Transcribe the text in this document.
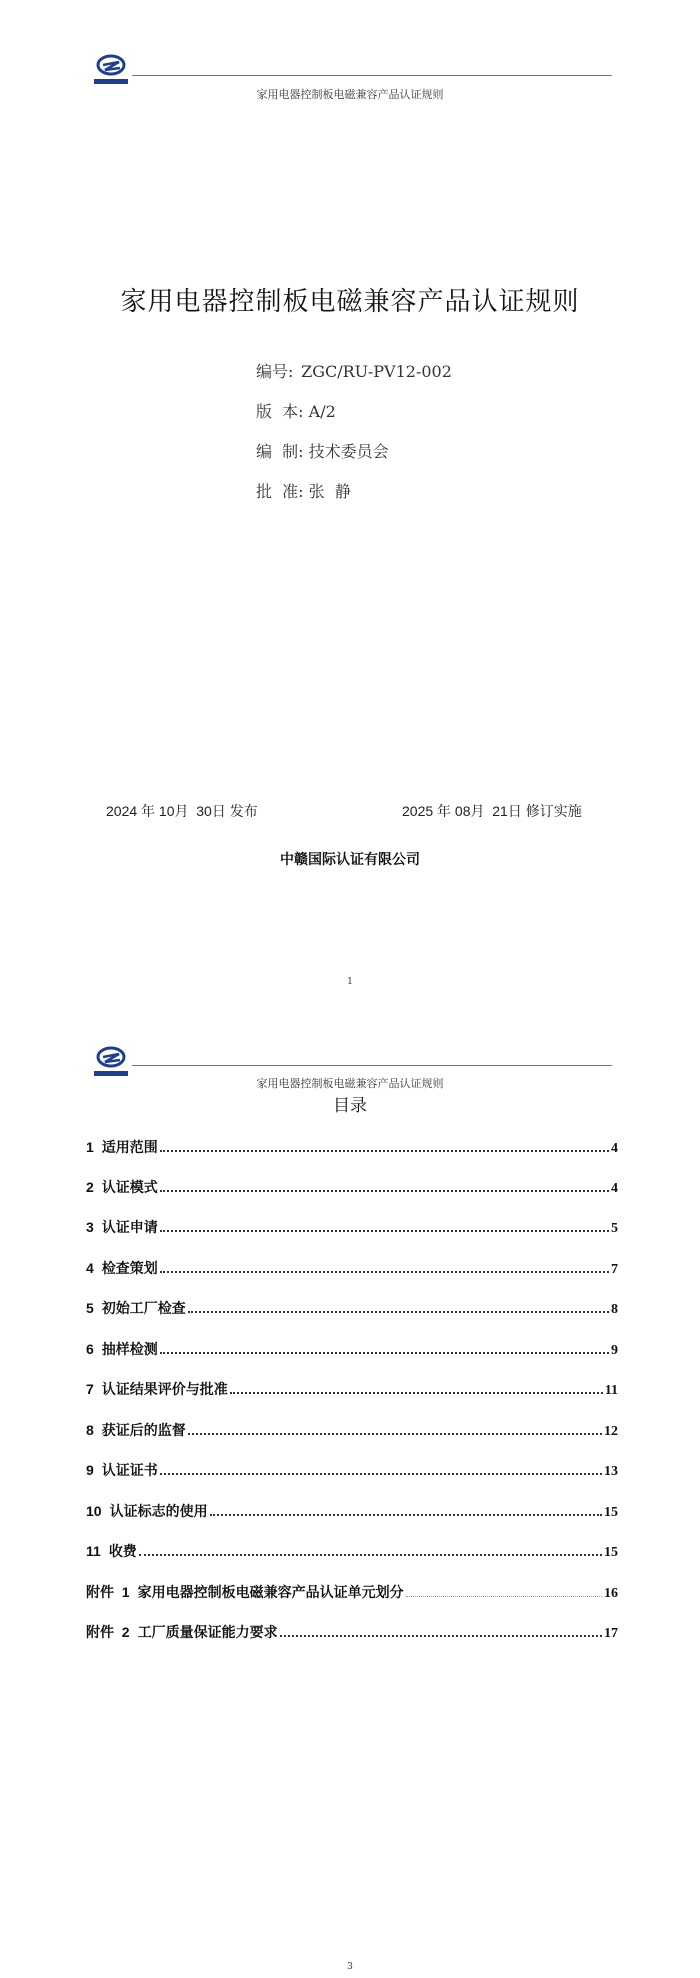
家用电器控制板电磁兼容产品认证规则
家用电器控制板电磁兼容产品认证规则
编号: ZGC/RU-PV12-002
版  本: A/2
编  制: 技术委员会
批  准: 张  静
2024 年 10月  30日 发布	2025 年 08月  21日 修订实施
中赣国际认证有限公司
1
家用电器控制板电磁兼容产品认证规则
目录
1 适用范围	4
2 认证模式	4
3 认证申请	5
4 检查策划	7
5 初始工厂检查	8
6 抽样检测	9
7 认证结果评价与批准	11
8 获证后的监督	12
9 认证证书	13
10 认证标志的使用	15
11 收费	15
附件  1 家用电器控制板电磁兼容产品认证单元划分	16
附件  2 工厂质量保证能力要求	17
3
